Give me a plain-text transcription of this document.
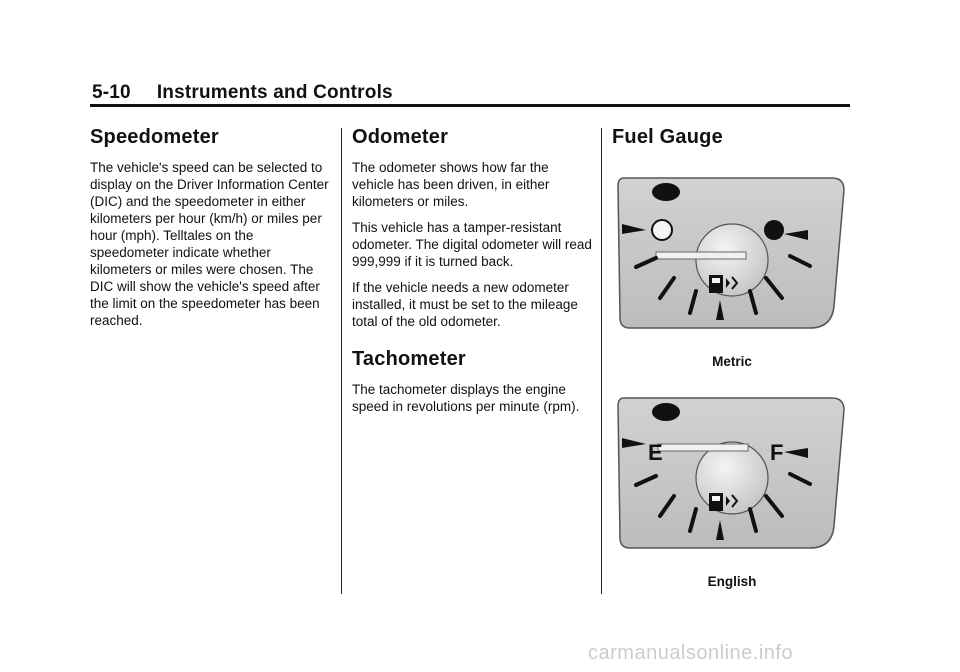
5-10 Instruments and Controls
Speedometer

The vehicle's speed can be selected to display on the Driver Information Center (DIC) and the speedometer in either kilometers per hour (km/h) or miles per hour (mph). Telltales on the speedometer indicate whether kilometers or miles were chosen. The DIC will show the vehicle's speed after the limit on the speedometer has been reached.

Odometer

The odometer shows how far the vehicle has been driven, in either kilometers or miles.

This vehicle has a tamper-resistant odometer. The digital odometer will read 999,999 if it is turned back.

If the vehicle needs a new odometer installed, it must be set to the mileage total of the old odometer.

Tachometer

The tachometer displays the engine speed in revolutions per minute (rpm).

Fuel Gauge
Metric
E	F
English
carmanualsonline.info
